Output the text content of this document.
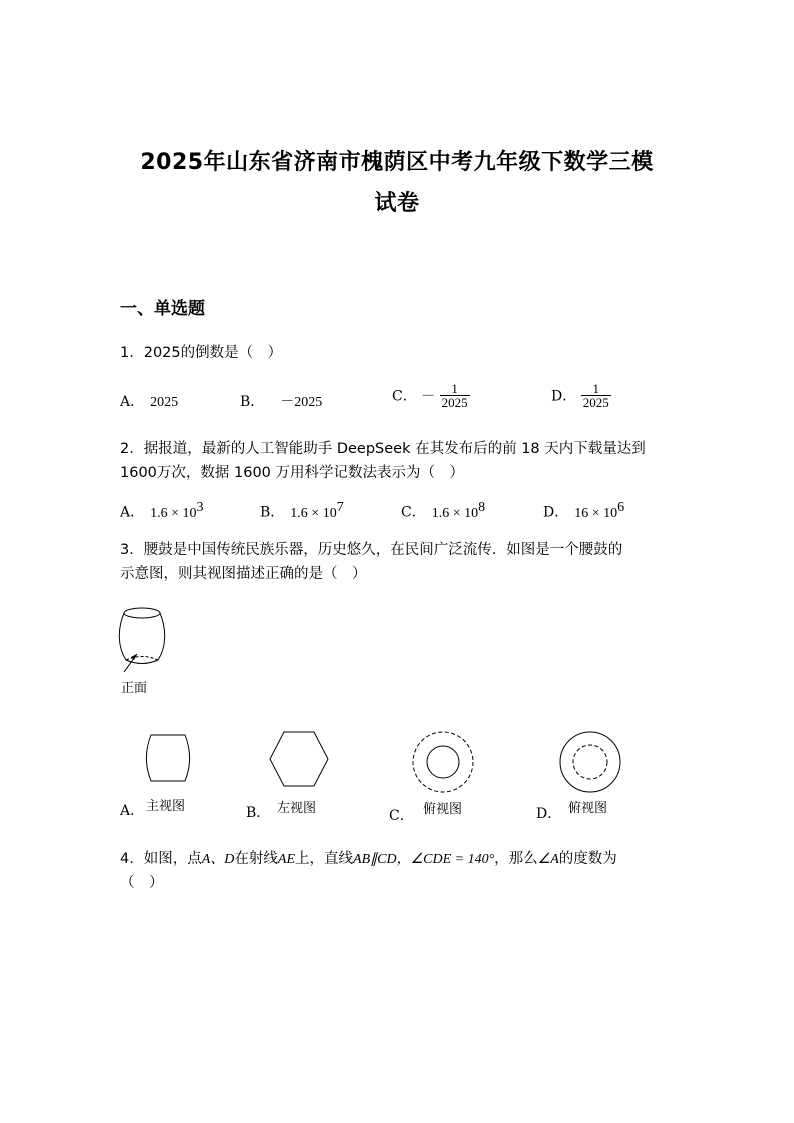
2025年山东省济南市槐荫区中考九年级下数学三模
试卷
一、单选题
1．2025的倒数是（　）
A． 2025	B． －2025	C． － $\frac{1}{2025}$	D． $\frac{1}{2025}$
2．据报道，最新的人工智能助手 DeepSeek 在其发布后的前 18 天内下载量达到
1600万次，数据 1600 万用科学记数法表示为（　）
A． $1.6 \times 10^3$	B． $1.6 \times 10^7$	C． $1.6 \times 10^8$	D． $16 \times 10^6$
3．腰鼓是中国传统民族乐器，历史悠久，在民间广泛流传．如图是一个腰鼓的
示意图，则其视图描述正确的是（　）
正面
A． 主视图	B． 左视图	C． 俯视图	D． 俯视图
4．如图，点A、D在射线AE上，直线AB∥CD，∠CDE = 140°，那么∠A的度数为
（　）
